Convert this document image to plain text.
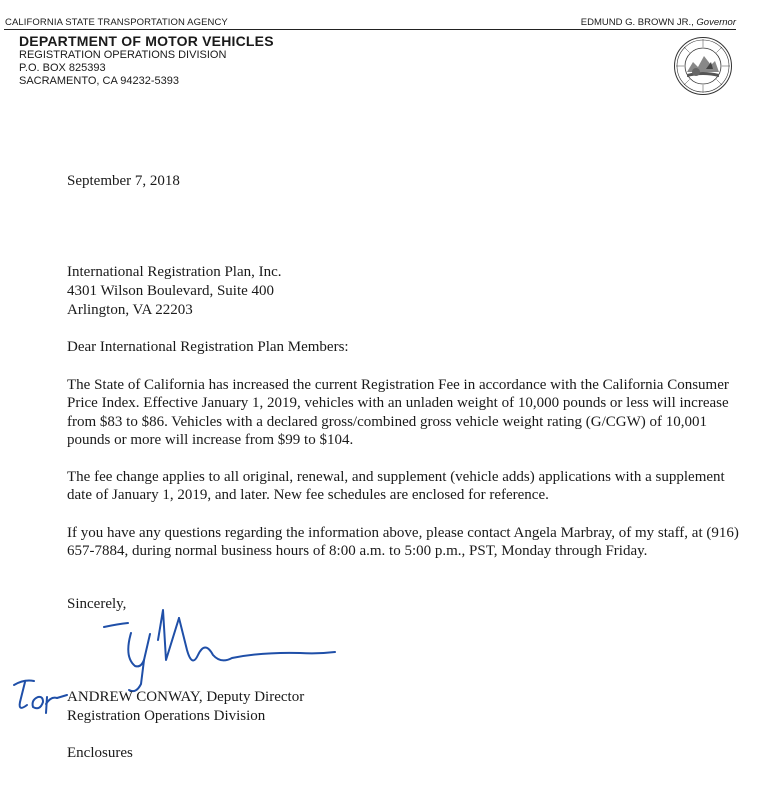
CALIFORNIA STATE TRANSPORTATION AGENCY	EDMUND G. BROWN JR., Governor
DEPARTMENT OF MOTOR VEHICLES
REGISTRATION OPERATIONS DIVISION
P.O. BOX 825393
SACRAMENTO, CA 94232-5393
September 7, 2018
International Registration Plan, Inc.
4301 Wilson Boulevard, Suite 400
Arlington, VA 22203
Dear International Registration Plan Members:
The State of California has increased the current Registration Fee in accordance with the California Consumer Price Index. Effective January 1, 2019, vehicles with an unladen weight of 10,000 pounds or less will increase from $83 to $86. Vehicles with a declared gross/combined gross vehicle weight rating (G/CGW) of 10,001 pounds or more will increase from $99 to $104.
The fee change applies to all original, renewal, and supplement (vehicle adds) applications with a supplement date of January 1, 2019, and later. New fee schedules are enclosed for reference.
If you have any questions regarding the information above, please contact Angela Marbray, of my staff, at (916) 657-7884, during normal business hours of 8:00 a.m. to 5:00 p.m., PST, Monday through Friday.
Sincerely,
ANDREW CONWAY, Deputy Director
Registration Operations Division
Enclosures
